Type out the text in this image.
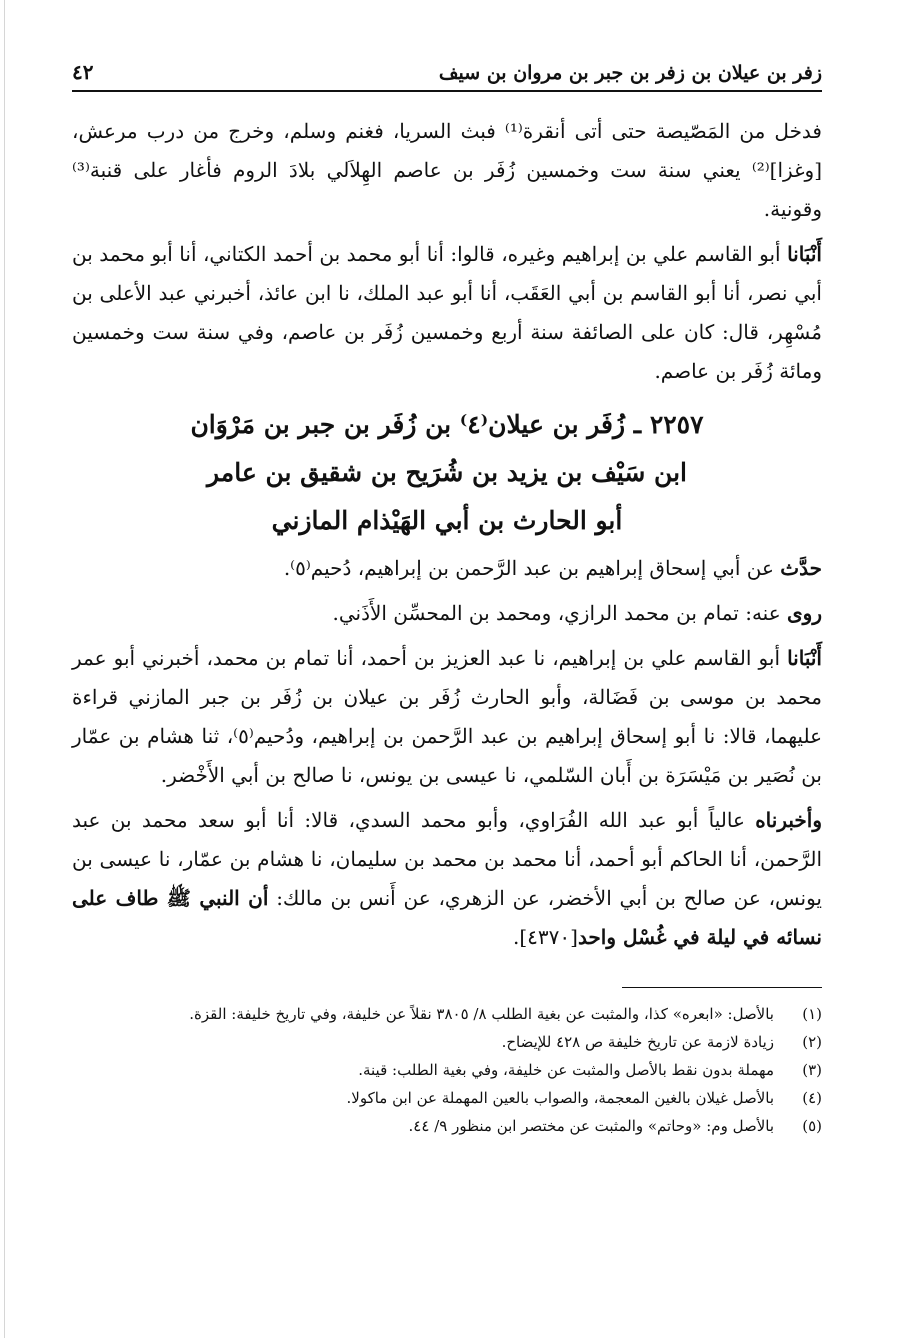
٤٢	زفر بن عيلان بن زفر بن جبر بن مروان بن سيف

فدخل من المَصّيصة حتى أتى أنقرة⁽¹⁾ فبث السريا، فغنم وسلم، وخرج من درب مرعش، [وغزا]⁽²⁾ يعني سنة ست وخمسين زُفَر بن عاصم الهِلاَلي بلادَ الروم فأغار على قنبة⁽³⁾ وقونية.

أَنْبَانا أبو القاسم علي بن إبراهيم وغيره، قالوا: أنا أبو محمد بن أحمد الكتاني، أنا أبو محمد بن أبي نصر، أنا أبو القاسم بن أبي العَقَب، أنا أبو عبد الملك، نا ابن عائذ، أخبرني عبد الأعلى بن مُسْهِر، قال: كان على الصائفة سنة أربع وخمسين زُفَر بن عاصم، وفي سنة ست وخمسين ومائة زُفَر بن عاصم.

٢٢٥٧ ـ زُفَر بن عيلان⁽٤⁾ بن زُفَر بن جبر بن مَرْوَان
ابن سَيْف بن يزيد بن شُرَيح بن شقيق بن عامر
أبو الحارث بن أبي الهَيْذام المازني

حدَّث عن أبي إسحاق إبراهيم بن عبد الرَّحمن بن إبراهيم، دُحيم⁽٥⁾.

روى عنه: تمام بن محمد الرازي، ومحمد بن المحسِّن الأَذَني.

أَنْبَانا أبو القاسم علي بن إبراهيم، نا عبد العزيز بن أحمد، أنا تمام بن محمد، أخبرني أبو عمر محمد بن موسى بن فَضَالة، وأبو الحارث زُفَر بن عيلان بن زُفَر بن جبر المازني قراءة عليهما، قالا: نا أبو إسحاق إبراهيم بن عبد الرَّحمن بن إبراهيم، ودُحيم⁽٥⁾، ثنا هشام بن عمّار بن نُصَير بن مَيْسَرَة بن أَبان السّلمي، نا عيسى بن يونس، نا صالح بن أبي الأَخْضر.

وأخبرناه عالياً أبو عبد الله الفُرَاوي، وأبو محمد السدي، قالا: أنا أبو سعد محمد بن عبد الرَّحمن، أنا الحاكم أبو أحمد، أنا محمد بن محمد بن سليمان، نا هشام بن عمّار، نا عيسى بن يونس، عن صالح بن أبي الأخضر، عن الزهري، عن أَنس بن مالك: أن النبي ﷺ طاف على نسائه في ليلة في غُسْل واحد[٤٣٧٠].

(١)
بالأصل: «ابعره» كذا، والمثبت عن بغية الطلب ٨/ ٣٨٠٥ نقلاً عن خليفة، وفي تاريخ خليفة: القزة.
(٢)
زيادة لازمة عن تاريخ خليفة ص ٤٢٨ للإيضاح.
(٣)
مهملة بدون نقط بالأصل والمثبت عن خليفة، وفي بغية الطلب: قينة.
(٤)
بالأصل غيلان بالغين المعجمة، والصواب بالعين المهملة عن ابن ماكولا.
(٥)
بالأصل وم: «وحاتم» والمثبت عن مختصر ابن منظور ٩/ ٤٤.
